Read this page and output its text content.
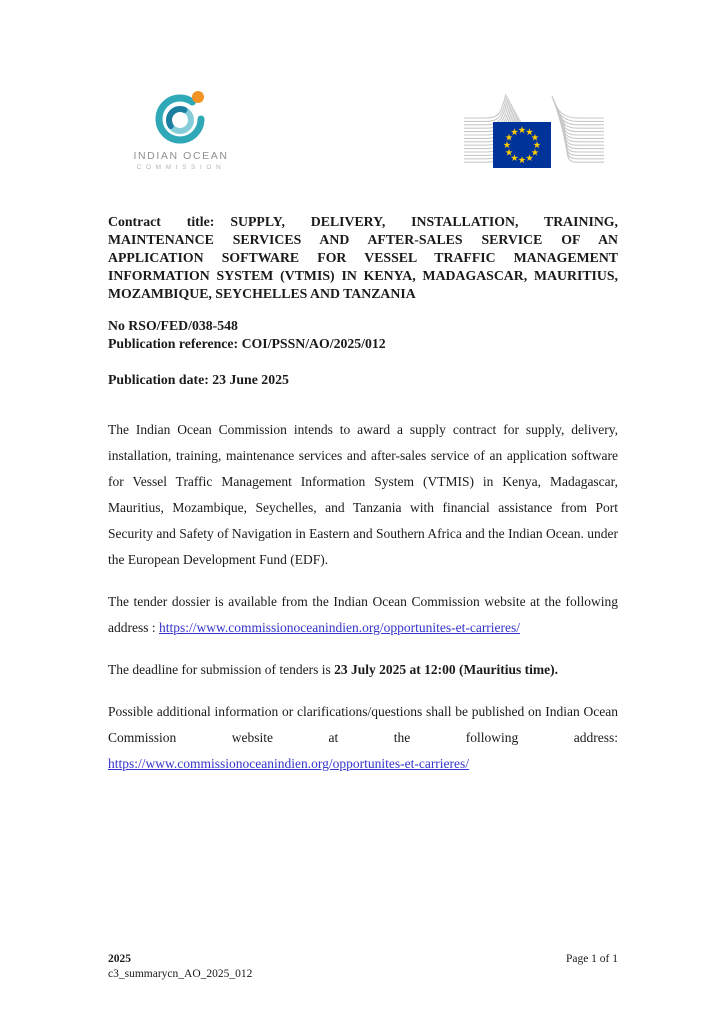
INDIAN OCEAN
COMMISSION

Contract title: SUPPLY, DELIVERY, INSTALLATION, TRAINING, MAINTENANCE SERVICES AND AFTER-SALES SERVICE OF AN APPLICATION SOFTWARE FOR VESSEL TRAFFIC MANAGEMENT INFORMATION SYSTEM (VTMIS) IN KENYA, MADAGASCAR, MAURITIUS, MOZAMBIQUE, SEYCHELLES AND TANZANIA

No RSO/FED/038-548
Publication reference: COI/PSSN/AO/2025/012
Publication date: 23 June 2025

The Indian Ocean Commission intends to award a supply contract for supply, delivery, installation, training, maintenance services and after-sales service of an application software for Vessel Traffic Management Information System (VTMIS) in Kenya, Madagascar, Mauritius, Mozambique, Seychelles, and Tanzania with financial assistance from Port Security and Safety of Navigation in Eastern and Southern Africa and the Indian Ocean. under the European Development Fund (EDF).

The tender dossier is available from the Indian Ocean Commission website at the following address : https://www.commissionoceanindien.org/opportunites-et-carrieres/

The deadline for submission of tenders is 23 July 2025 at 12:00 (Mauritius time).

Possible additional information or clarifications/questions shall be published on Indian Ocean Commission website at the following address: https://www.commissionoceanindien.org/opportunites-et-carrieres/

2025
c3_summarycn_AO_2025_012
Page 1 of 1
